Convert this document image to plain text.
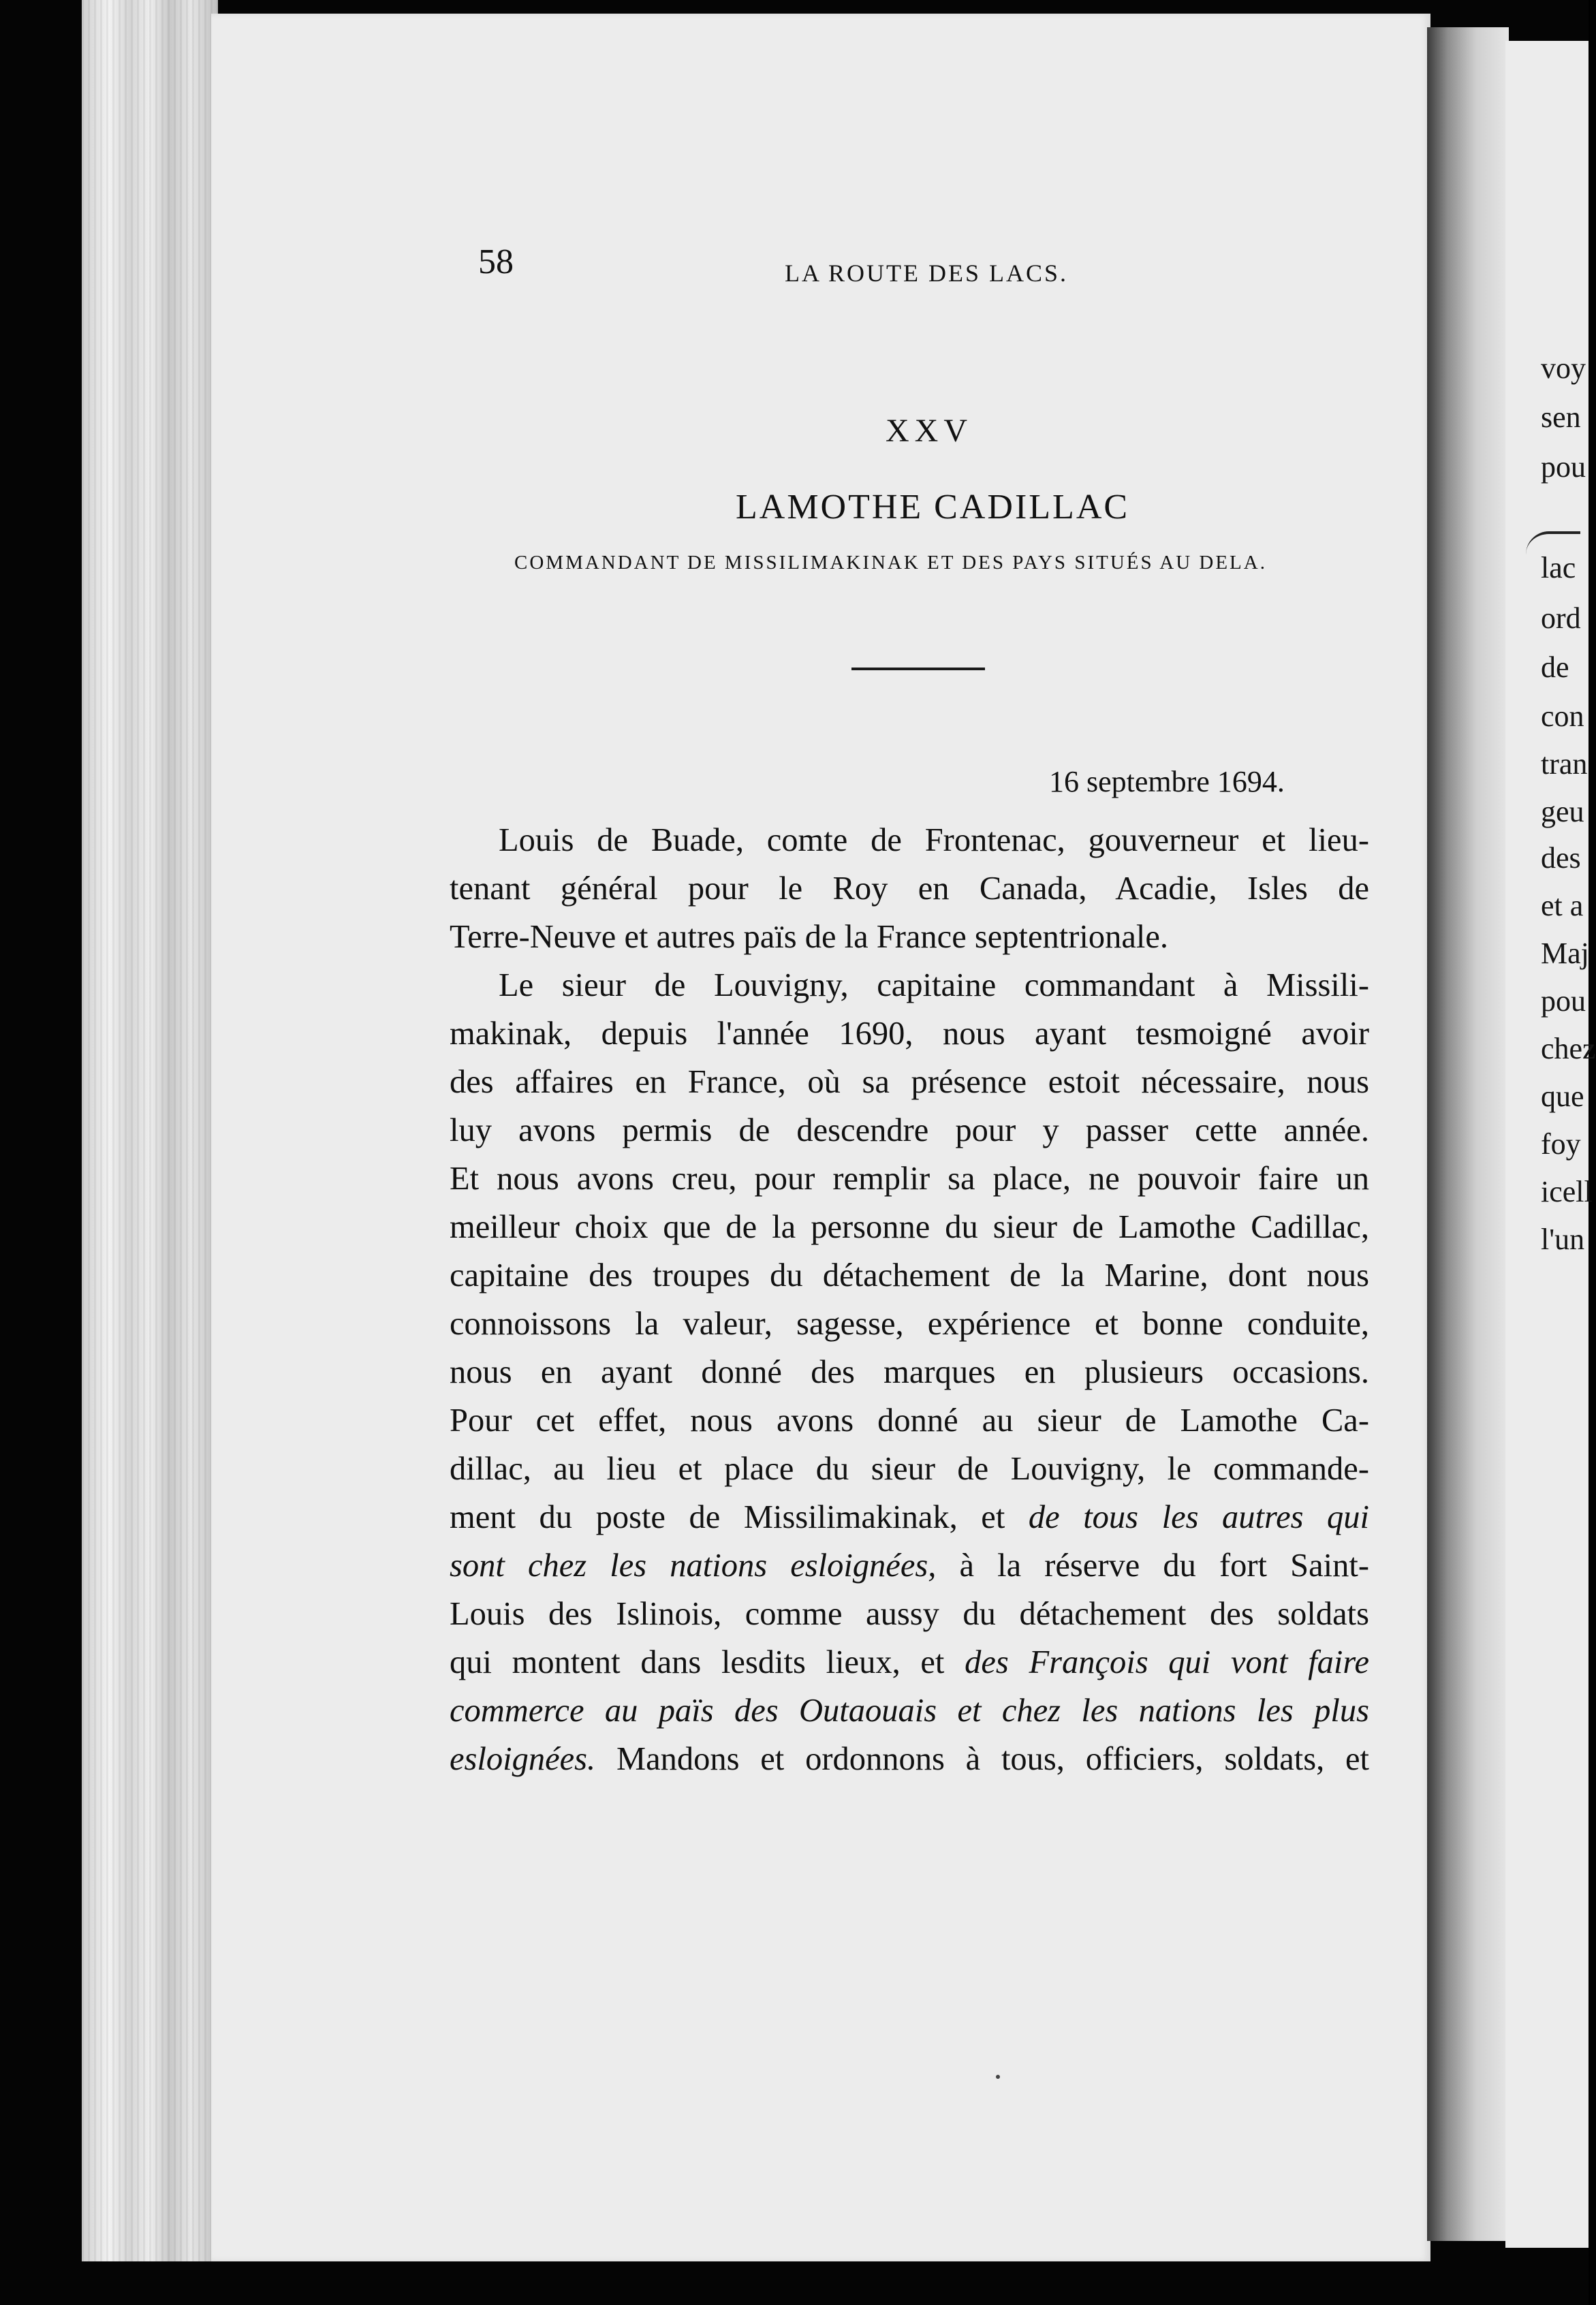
voy
sen
pou
lac
ord
de
con
tran
geu
des
et a
Maj
pou
chez
que
foy
icell
l'un
58	LA ROUTE DES LACS.
XXV
LAMOTHE CADILLAC
COMMANDANT DE MISSILIMAKINAK ET DES PAYS SITUÉS AU DELA.
16 septembre 1694.
Louis de Buade, comte de Frontenac, gouverneur et lieu-
tenant général pour le Roy en Canada, Acadie, Isles de
Terre-Neuve et autres païs de la France septentrionale.
Le sieur de Louvigny, capitaine commandant à Missili-
makinak, depuis l'année 1690, nous ayant tesmoigné avoir
des affaires en France, où sa présence estoit nécessaire, nous
luy avons permis de descendre pour y passer cette année.
Et nous avons creu, pour remplir sa place, ne pouvoir faire un
meilleur choix que de la personne du sieur de Lamothe Cadillac,
capitaine des troupes du détachement de la Marine, dont nous
connoissons la valeur, sagesse, expérience et bonne conduite,
nous en ayant donné des marques en plusieurs occasions.
Pour cet effet, nous avons donné au sieur de Lamothe Ca-
dillac, au lieu et place du sieur de Louvigny, le commande-
ment du poste de Missilimakinak, et de tous les autres qui
sont chez les nations esloignées, à la réserve du fort Saint-
Louis des Islinois, comme aussy du détachement des soldats
qui montent dans lesdits lieux, et des François qui vont faire
commerce au païs des Outaouais et chez les nations les plus
esloignées. Mandons et ordonnons à tous, officiers, soldats, et
